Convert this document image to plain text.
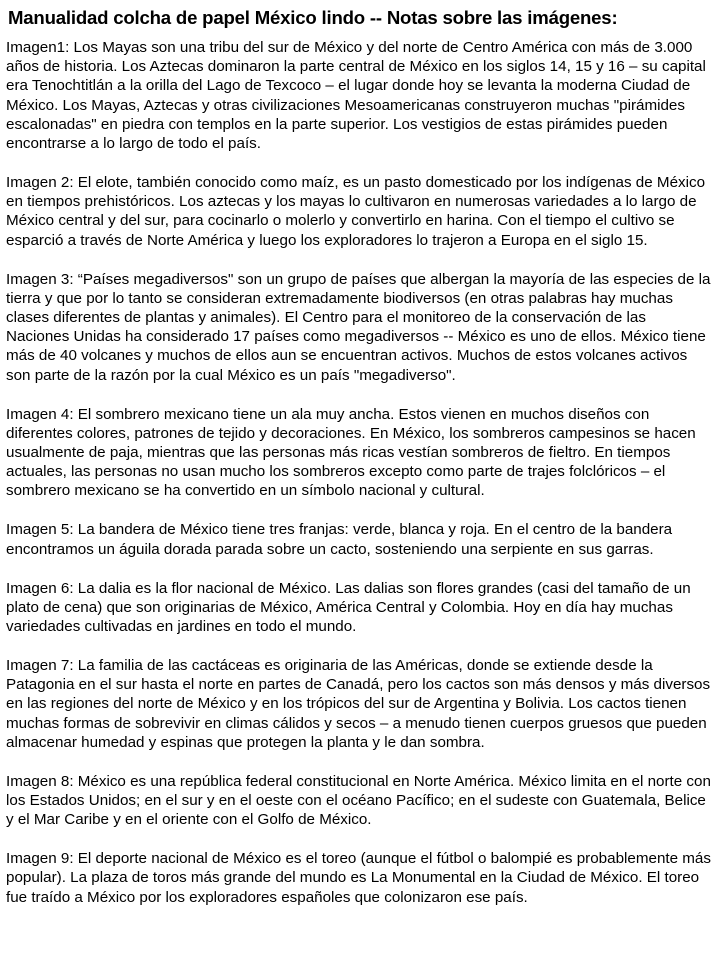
Manualidad colcha de papel México lindo -- Notas sobre las imágenes:
Imagen1: Los Mayas son una tribu del sur de México y del norte de Centro América con más de 3.000 años de historia. Los Aztecas dominaron la parte central de México en los siglos 14, 15 y 16 – su capital era Tenochtitlán a la orilla del Lago de Texcoco – el lugar donde hoy se levanta la moderna Ciudad de México. Los Mayas, Aztecas y otras civilizaciones Mesoamericanas construyeron muchas "pirámides escalonadas" en piedra con templos en la parte superior. Los vestigios de estas pirámides pueden encontrarse a lo largo de todo el país.
Imagen 2: El elote, también conocido como maíz, es un pasto domesticado por los indígenas de México en tiempos prehistóricos. Los aztecas y los mayas lo cultivaron en numerosas variedades a lo largo de México central y del sur, para cocinarlo o molerlo y convertirlo en harina. Con el tiempo el cultivo se esparció a través de Norte América y luego los exploradores lo trajeron a Europa en el siglo 15.
Imagen 3: “Países megadiversos" son un grupo de países que albergan la mayoría de las especies de la tierra y que por lo tanto se consideran extremadamente biodiversos (en otras palabras hay muchas clases diferentes de plantas y animales). El Centro para el monitoreo de la conservación de las Naciones Unidas ha considerado 17 países como megadiversos -- México es uno de ellos. México tiene más de 40 volcanes y muchos de ellos aun se encuentran activos. Muchos de estos volcanes activos son parte de la razón por la cual México es un país "megadiverso".
Imagen 4: El sombrero mexicano tiene un ala muy ancha. Estos vienen en muchos diseños con diferentes colores, patrones de tejido y decoraciones. En México, los sombreros campesinos se hacen usualmente de paja, mientras que las personas más ricas vestían sombreros de fieltro. En tiempos actuales, las personas no usan mucho los sombreros excepto como parte de trajes folclóricos – el sombrero mexicano se ha convertido en un símbolo nacional y cultural.
Imagen 5: La bandera de México tiene tres franjas: verde, blanca y roja. En el centro de la bandera encontramos un águila dorada parada sobre un cacto, sosteniendo una serpiente en sus garras.
Imagen 6: La dalia es la flor nacional de México. Las dalias son flores grandes (casi del tamaño de un plato de cena) que son originarias de México, América Central y Colombia. Hoy en día hay muchas variedades cultivadas en jardines en todo el mundo.
Imagen 7: La familia de las cactáceas es originaria de las Américas, donde se extiende desde la Patagonia en el sur hasta el norte en partes de Canadá, pero los cactos son más densos y más diversos en las regiones del norte de México y en los trópicos del sur de Argentina y Bolivia. Los cactos tienen muchas formas de sobrevivir en climas cálidos y secos – a menudo tienen cuerpos gruesos que pueden almacenar humedad y espinas que protegen la planta y le dan sombra.
Imagen 8: México es una república federal constitucional en Norte América. México limita en el norte con los Estados Unidos; en el sur y en el oeste con el océano Pacífico; en el sudeste con Guatemala, Belice y el Mar Caribe y en el oriente con el Golfo de México.
Imagen 9: El deporte nacional de México es el toreo (aunque el fútbol o balompié es probablemente más popular). La plaza de toros más grande del mundo es La Monumental en la Ciudad de México. El toreo fue traído a México por los exploradores españoles que colonizaron ese país.
